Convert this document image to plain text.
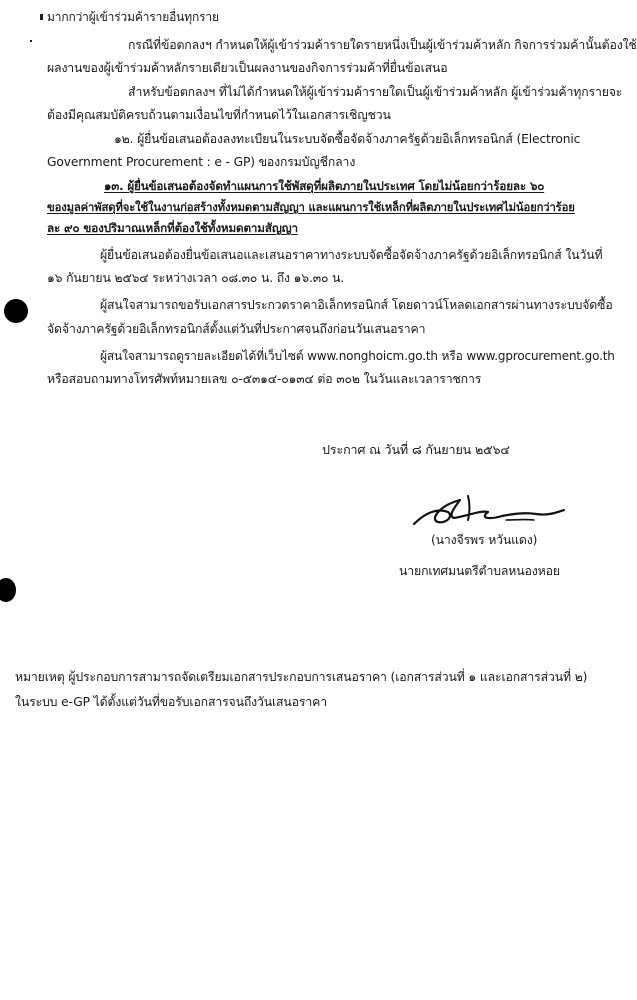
มากกว่าผู้เข้าร่วมค้ารายอื่นทุกราย
กรณีที่ข้อตกลงฯ กำหนดให้ผู้เข้าร่วมค้ารายใดรายหนึ่งเป็นผู้เข้าร่วมค้าหลัก กิจการร่วมค้านั้นต้องใช้
ผลงานของผู้เข้าร่วมค้าหลักรายเดียวเป็นผลงานของกิจการร่วมค้าที่ยื่นข้อเสนอ
สำหรับข้อตกลงฯ ที่ไม่ได้กำหนดให้ผู้เข้าร่วมค้ารายใดเป็นผู้เข้าร่วมค้าหลัก ผู้เข้าร่วมค้าทุกรายจะ
ต้องมีคุณสมบัติครบถ้วนตามเงื่อนไขที่กำหนดไว้ในเอกสารเชิญชวน
๑๒. ผู้ยื่นข้อเสนอต้องลงทะเบียนในระบบจัดซื้อจัดจ้างภาครัฐด้วยอิเล็กทรอนิกส์ (Electronic
Government Procurement : e - GP) ของกรมบัญชีกลาง
๑๓. ผู้ยื่นข้อเสนอต้องจัดทำแผนการใช้พัสดุที่ผลิตภายในประเทศ โดยไม่น้อยกว่าร้อยละ ๖๐
ของมูลค่าพัสดุที่จะใช้ในงานก่อสร้างทั้งหมดตามสัญญา และแผนการใช้เหล็กที่ผลิตภายในประเทศไม่น้อยกว่าร้อย
ละ ๙๐ ของปริมาณเหล็กที่ต้องใช้ทั้งหมดตามสัญญา
ผู้ยื่นข้อเสนอต้องยื่นข้อเสนอและเสนอราคาทางระบบจัดซื้อจัดจ้างภาครัฐด้วยอิเล็กทรอนิกส์ ในวันที่
๑๖ กันยายน ๒๕๖๔ ระหว่างเวลา ๐๘.๓๐ น. ถึง ๑๖.๓๐ น.
ผู้สนใจสามารถขอรับเอกสารประกวดราคาอิเล็กทรอนิกส์ โดยดาวน์โหลดเอกสารผ่านทางระบบจัดซื้อ
จัดจ้างภาครัฐด้วยอิเล็กทรอนิกส์ตั้งแต่วันที่ประกาศจนถึงก่อนวันเสนอราคา
ผู้สนใจสามารถดูรายละเอียดได้ที่เว็บไซต์ www.nonghoicm.go.th หรือ www.gprocurement.go.th
หรือสอบถามทางโทรศัพท์หมายเลข ๐-๕๓๑๔-๐๑๓๔ ต่อ ๓๐๒ ในวันและเวลาราชการ
ประกาศ ณ วันที่ ๘ กันยายน ๒๕๖๔
(นางจีรพร หวันแดง)
นายกเทศมนตรีตำบลหนองหอย
หมายเหตุ ผู้ประกอบการสามารถจัดเตรียมเอกสารประกอบการเสนอราคา (เอกสารส่วนที่ ๑ และเอกสารส่วนที่ ๒)
ในระบบ e-GP ได้ตั้งแต่วันที่ขอรับเอกสารจนถึงวันเสนอราคา
